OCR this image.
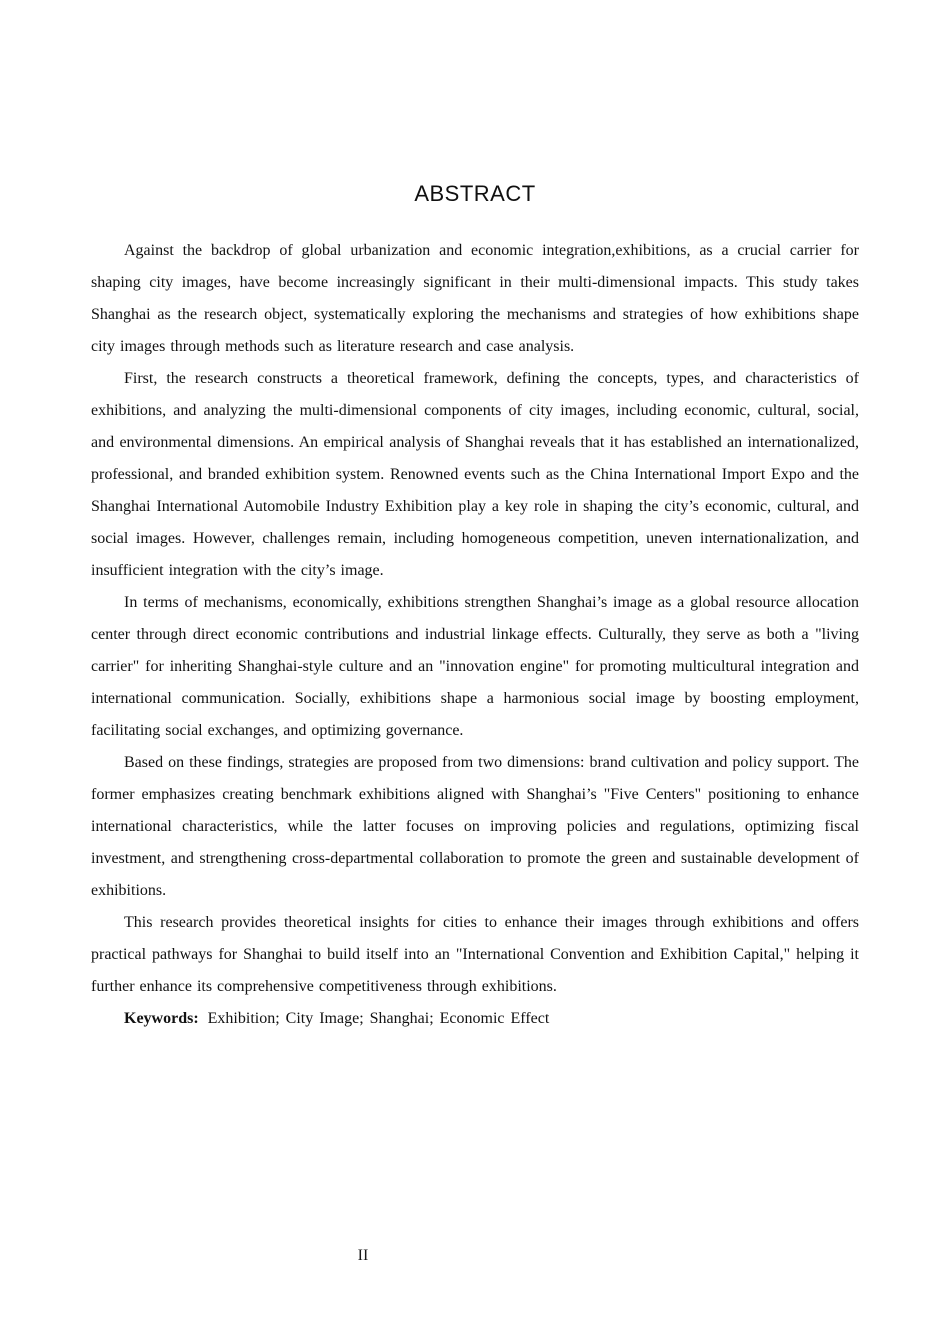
ABSTRACT

Against the backdrop of global urbanization and economic integration,exhibitions, as a crucial carrier for shaping city images, have become increasingly significant in their multi-dimensional impacts. This study takes Shanghai as the research object, systematically exploring the mechanisms and strategies of how exhibitions shape city images through methods such as literature research and case analysis.

First, the research constructs a theoretical framework, defining the concepts, types, and characteristics of exhibitions, and analyzing the multi-dimensional components of city images, including economic, cultural, social, and environmental dimensions. An empirical analysis of Shanghai reveals that it has established an internationalized, professional, and branded exhibition system. Renowned events such as the China International Import Expo and the Shanghai International Automobile Industry Exhibition play a key role in shaping the city’s economic, cultural, and social images. However, challenges remain, including homogeneous competition, uneven internationalization, and insufficient integration with the city’s image.

In terms of mechanisms, economically, exhibitions strengthen Shanghai’s image as a global resource allocation center through direct economic contributions and industrial linkage effects. Culturally, they serve as both a "living carrier" for inheriting Shanghai-style culture and an "innovation engine" for promoting multicultural integration and international communication. Socially, exhibitions shape a harmonious social image by boosting employment, facilitating social exchanges, and optimizing governance.

Based on these findings, strategies are proposed from two dimensions: brand cultivation and policy support. The former emphasizes creating benchmark exhibitions aligned with Shanghai’s "Five Centers" positioning to enhance international characteristics, while the latter focuses on improving policies and regulations, optimizing fiscal investment, and strengthening cross-departmental collaboration to promote the green and sustainable development of exhibitions.

This research provides theoretical insights for cities to enhance their images through exhibitions and offers practical pathways for Shanghai to build itself into an "International Convention and Exhibition Capital," helping it further enhance its comprehensive competitiveness through exhibitions.

Keywords: Exhibition; City Image; Shanghai; Economic Effect

II
